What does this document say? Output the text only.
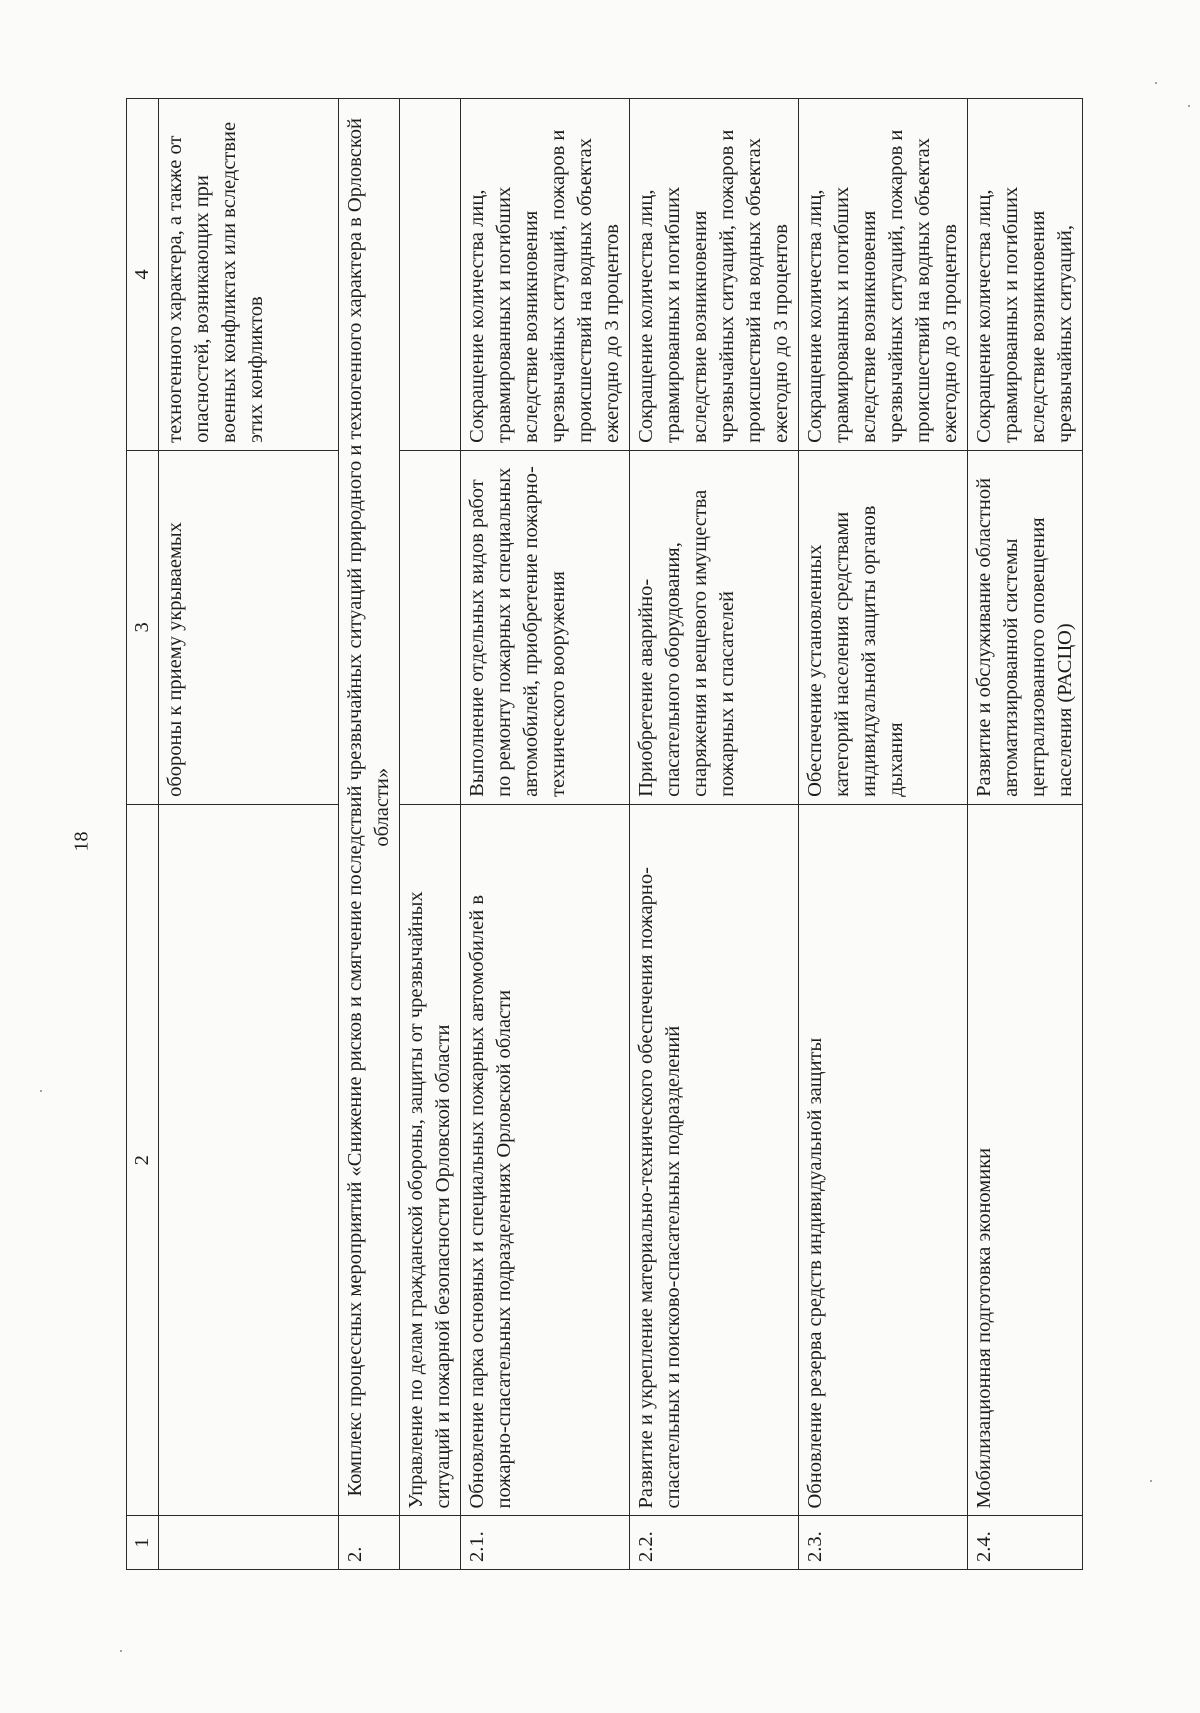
18
1	2	3	4
		обороны к приему укрываемых	техногенного характера, а также от опасностей, возникающих при военных конфликтах или вследствие этих конфликтов
2.	Комплекс процессных мероприятий «Снижение рисков и смягчение последствий чрезвычайных ситуаций природного и техногенного характера в Орловской области»		
	Управление по делам гражданской обороны, защиты от чрезвычайных ситуаций и пожарной безопасности Орловской области		
2.1.	Обновление парка основных и специальных пожарных автомобилей в пожарно-спасательных подразделениях Орловской области	Выполнение отдельных видов работ по ремонту пожарных и специальных автомобилей, приобретение пожарно-технического вооружения	Сокращение количества лиц, травмированных и погибших вследствие возникновения чрезвычайных ситуаций, пожаров и происшествий на водных объектах ежегодно до 3 процентов
2.2.	Развитие и укрепление материально-технического обеспечения пожарно-спасательных и поисково-спасательных подразделений	Приобретение аварийно-спасательного оборудования, снаряжения и вещевого имущества пожарных и спасателей	Сокращение количества лиц, травмированных и погибших вследствие возникновения чрезвычайных ситуаций, пожаров и происшествий на водных объектах ежегодно до 3 процентов
2.3.	Обновление резерва средств индивидуальной защиты	Обеспечение установленных категорий населения средствами индивидуальной защиты органов дыхания	Сокращение количества лиц, травмированных и погибших вследствие возникновения чрезвычайных ситуаций, пожаров и происшествий на водных объектах ежегодно до 3 процентов
2.4.	Мобилизационная подготовка экономики	Развитие и обслуживание областной автоматизированной системы централизованного оповещения населения (РАСЦО)	Сокращение количества лиц, травмированных и погибших вследствие возникновения чрезвычайных ситуаций,
